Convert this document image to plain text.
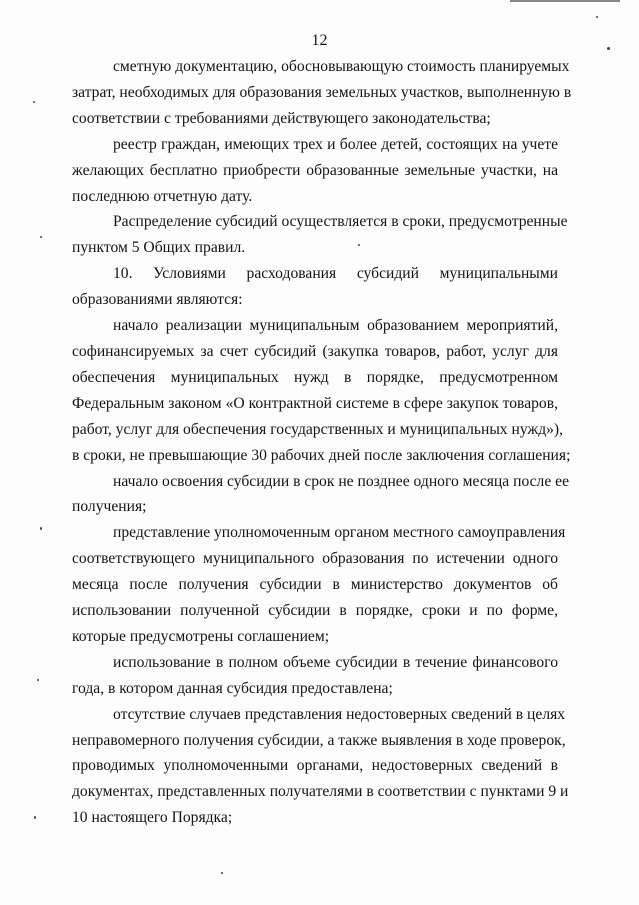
12
сметную документацию, обосновывающую стоимость планируемых
затрат, необходимых для образования земельных участков, выполненную в
соответствии с требованиями действующего законодательства;
реестр граждан, имеющих трех и более детей, состоящих на учете
желающих бесплатно приобрести образованные земельные участки, на
последнюю отчетную дату.
Распределение субсидий осуществляется в сроки, предусмотренные
пунктом 5 Общих правил.
10. Условиями расходования субсидий муниципальными
образованиями являются:
начало реализации муниципальным образованием мероприятий,
софинансируемых за счет субсидий (закупка товаров, работ, услуг для
обеспечения муниципальных нужд в порядке, предусмотренном
Федеральным законом «О контрактной системе в сфере закупок товаров,
работ, услуг для обеспечения государственных и муниципальных нужд»),
в сроки, не превышающие 30 рабочих дней после заключения соглашения;
начало освоения субсидии в срок не позднее одного месяца после ее
получения;
представление уполномоченным органом местного самоуправления
соответствующего муниципального образования по истечении одного
месяца после получения субсидии в министерство документов об
использовании полученной субсидии в порядке, сроки и по форме,
которые предусмотрены соглашением;
использование в полном объеме субсидии в течение финансового
года, в котором данная субсидия предоставлена;
отсутствие случаев представления недостоверных сведений в целях
неправомерного получения субсидии, а также выявления в ходе проверок,
проводимых уполномоченными органами, недостоверных сведений в
документах, представленных получателями в соответствии с пунктами 9 и
10 настоящего Порядка;
